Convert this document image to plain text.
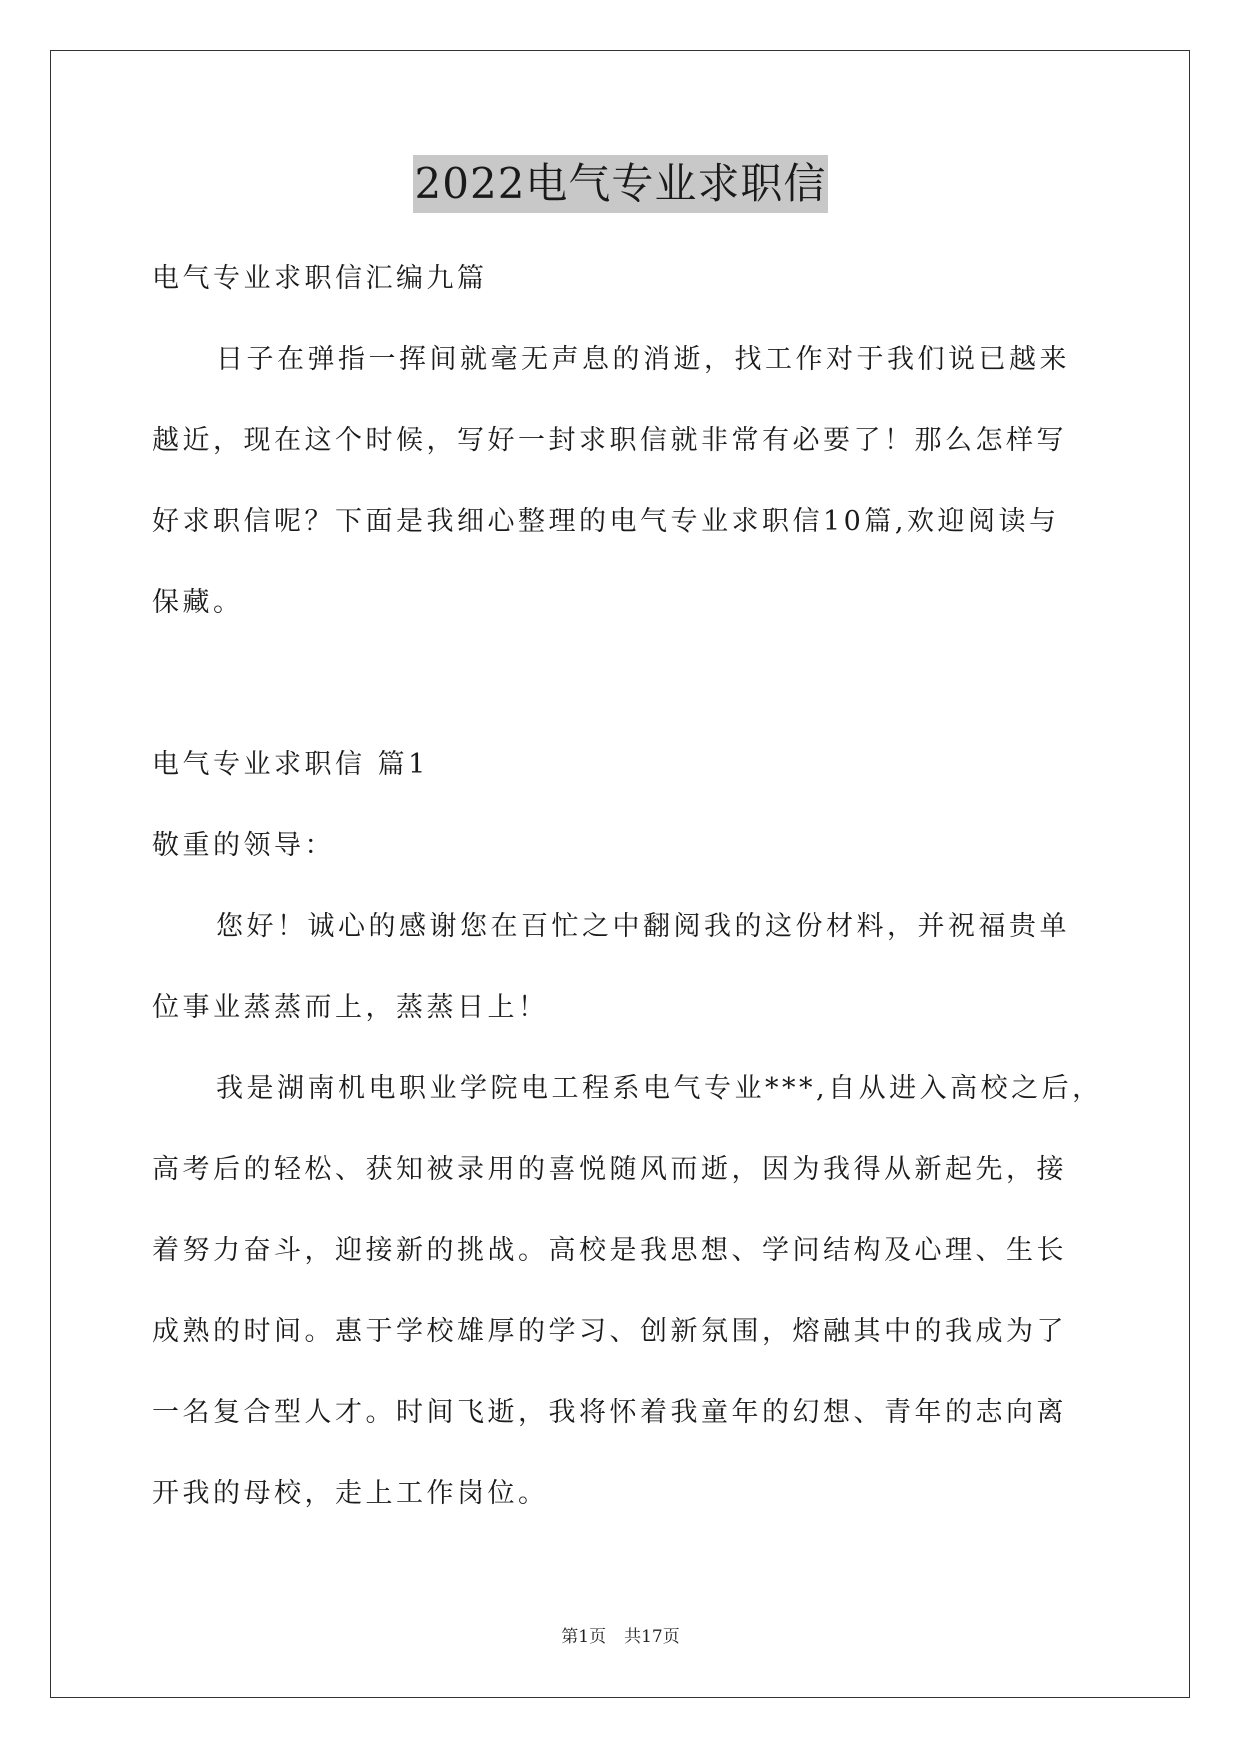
2022电气专业求职信
电气专业求职信汇编九篇
日子在弹指一挥间就毫无声息的消逝，找工作对于我们说已越来
越近，现在这个时候，写好一封求职信就非常有必要了！那么怎样写
好求职信呢？下面是我细心整理的电气专业求职信10篇,欢迎阅读与
保藏。
电气专业求职信 篇1
敬重的领导：
您好！诚心的感谢您在百忙之中翻阅我的这份材料，并祝福贵单
位事业蒸蒸而上，蒸蒸日上！
我是湖南机电职业学院电工程系电气专业***,自从进入高校之后，
高考后的轻松、获知被录用的喜悦随风而逝，因为我得从新起先，接
着努力奋斗，迎接新的挑战。高校是我思想、学问结构及心理、生长
成熟的时间。惠于学校雄厚的学习、创新氛围，熔融其中的我成为了
一名复合型人才。时间飞逝，我将怀着我童年的幻想、青年的志向离
开我的母校，走上工作岗位。
第1页 共17页
